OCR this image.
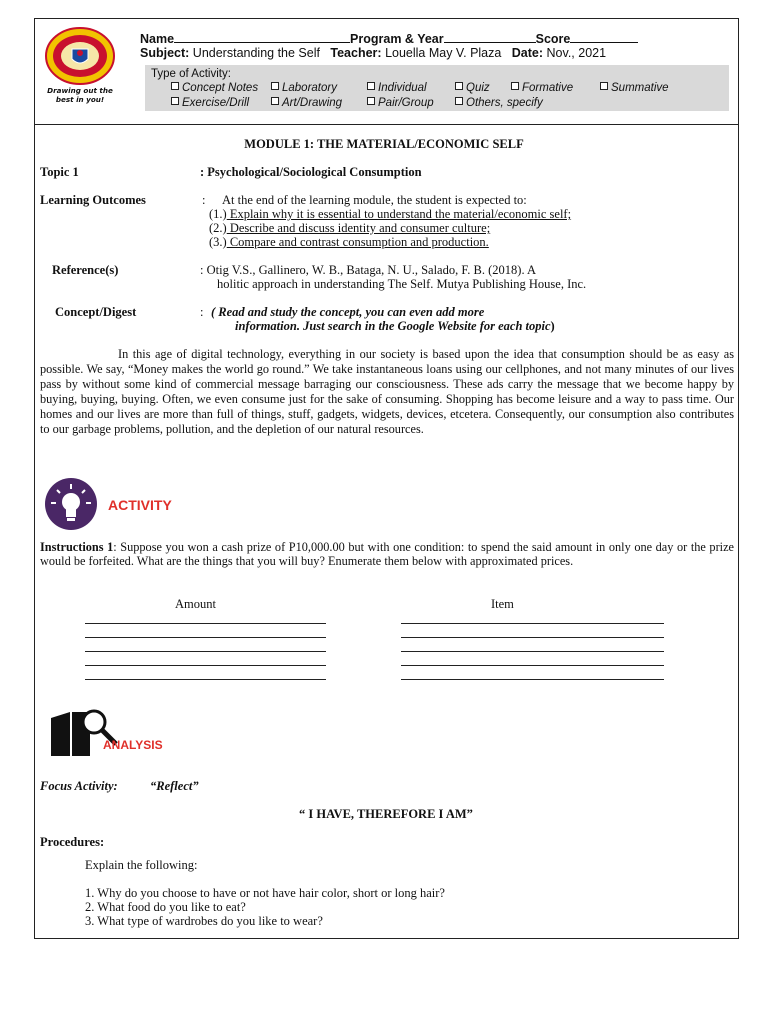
Drawing out the best in you!
Name	Program & Year	Score
Subject: Understanding the Self Teacher: Louella May V. Plaza Date: Nov., 2021
Type of Activity:
Concept Notes	Laboratory	Individual	Quiz	Formative	Summative
Exercise/Drill	Art/Drawing	Pair/Group	Others, specify
MODULE 1: THE MATERIAL/ECONOMIC SELF
Topic 1	: Psychological/Sociological Consumption
Learning Outcomes	: At the end of the learning module, the student is expected to:
(1.) Explain why it is essential to understand the material/economic self;
(2.) Describe and discuss identity and consumer culture;
(3.) Compare and contrast consumption and production.
Reference(s)	: Otig V.S., Gallinero, W. B., Bataga, N. U., Salado, F. B. (2018). A
holitic approach in understanding The Self. Mutya Publishing House, Inc.
Concept/Digest	: ( Read and study the concept, you can even add more
information. Just search in the Google Website for each topic)
In this age of digital technology, everything in our society is based upon the idea that consumption should be as easy as possible. We say, “Money makes the world go round.” We take instantaneous loans using our cellphones, and not many minutes of our lives pass by without some kind of commercial message barraging our consciousness. These ads carry the message that we become happy by buying, buying, buying. Often, we even consume just for the sake of consuming. Shopping has become leisure and a way to pass time. Our homes and our lives are more than full of things, stuff, gadgets, widgets, devices, etcetera. Consequently, our consumption also contributes to our garbage problems, pollution, and the depletion of our natural resources.
ACTIVITY
Instructions 1: Suppose you won a cash prize of P10,000.00 but with one condition: to spend the said amount in only one day or the prize would be forfeited. What are the things that you will buy? Enumerate them below with approximated prices.
Amount	Item
ANALYSIS
Focus Activity:	“Reflect”
“ I HAVE, THEREFORE I AM”
Procedures:
Explain the following:
1. Why do you choose to have or not have hair color, short or long hair?
2. What food do you like to eat?
3. What type of wardrobes do you like to wear?
